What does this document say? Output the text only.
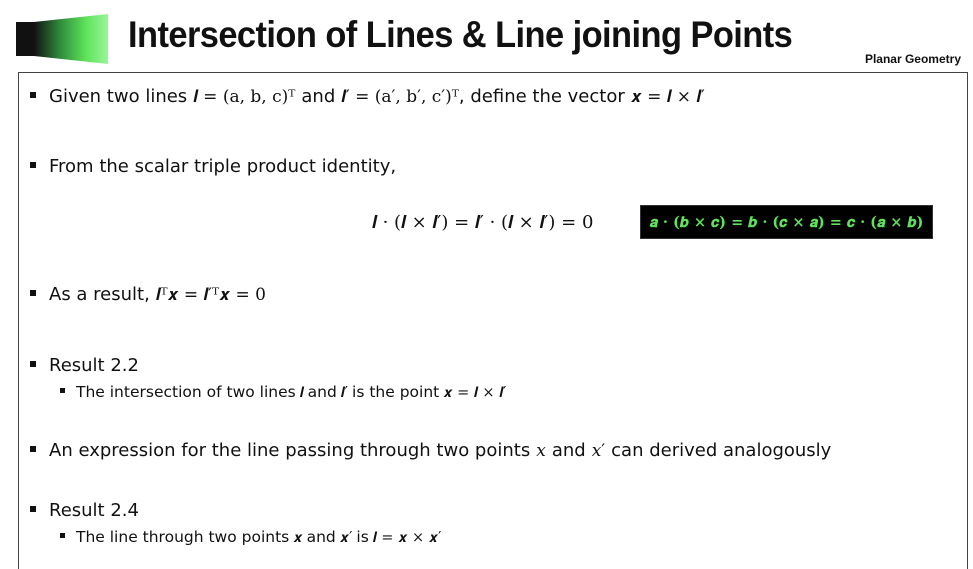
Intersection of Lines & Line joining Points
Planar Geometry
Given two lines 𝒍 = (a, b, c)ᵀ and 𝒍′ = (a′, b′, c′)ᵀ , define the vector 𝒙 = 𝒍 × 𝒍′
From the scalar triple product identity,
𝒍 · (𝒍 × 𝒍′) = 𝒍′ · (𝒍 × 𝒍′) = 0	𝒂 · (𝒃 × 𝒄) = 𝒃 · (𝒄 × 𝒂) = 𝒄 · (𝒂 × 𝒃)
As a result, 𝒍ᵀ𝒙 = 𝒍′ᵀ𝒙 = 0
Result 2.2
The intersection of two lines 𝒍 and 𝒍′ is the point 𝒙 = 𝒍 × 𝒍′
An expression for the line passing through two points 𝑥 and 𝑥′ can derived analogously
Result 2.4
The line through two points 𝒙 and 𝒙′ is 𝒍 = 𝒙 × 𝒙′
